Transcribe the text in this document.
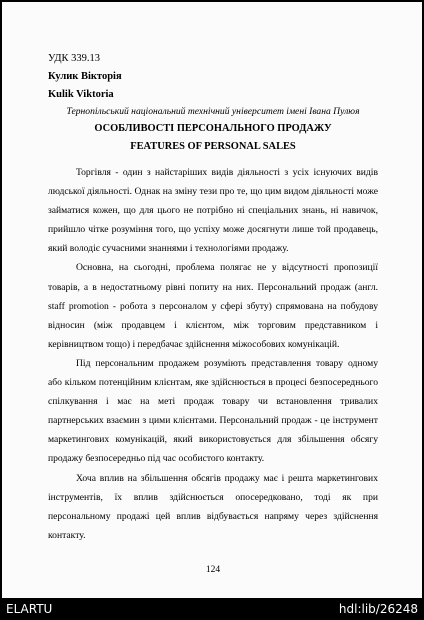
УДК 339.13
Кулик Вікторія
Kulik Viktoria
Тернопільський національний технічний університет імені Івана Пулюя
ОСОБЛИВОСТІ ПЕРСОНАЛЬНОГО ПРОДАЖУ
FEATURES OF PERSONAL SALES

Торгівля - один з найстаріших видів діяльності з усіх існуючих видів людської діяльності. Однак на зміну тези про те, що цим видом діяльності може займатися кожен, що для цього не потрібно ні спеціальних знань, ні навичок, прийшло чітке розуміння того, що успіху може досягнути лише той продавець, який володіє сучасними знаннями і технологіями продажу.

Основна, на сьогодні, проблема полягає не у відсутності пропозиції товарів, а в недостатньому рівні попиту на них. Персональний продаж (англ. staff promotion - робота з персоналом у сфері збуту) спрямована на побудову відносин (між продавцем і клієнтом, між торговим представником і керівництвом тощо) і передбачає здійснення міжособових комунікацій.

Під персональним продажем розуміють представлення товару одному або кільком потенційним клієнтам, яке здійснюється в процесі безпосереднього спілкування і має на меті продаж товару чи встановлення тривалих партнерських взаємин з цими клієнтами. Персональний продаж - це інструмент маркетингових комунікацій, який використовується для збільшення обсягу продажу безпосередньо під час особистого контакту.

Хоча вплив на збільшення обсягів продажу має і решта маркетингових інструментів, їх вплив здійснюється опосередковано, тоді як при персональному продажі цей вплив відбувається напряму через здійснення контакту.

124
ELARTU	hdl:lib/26248
